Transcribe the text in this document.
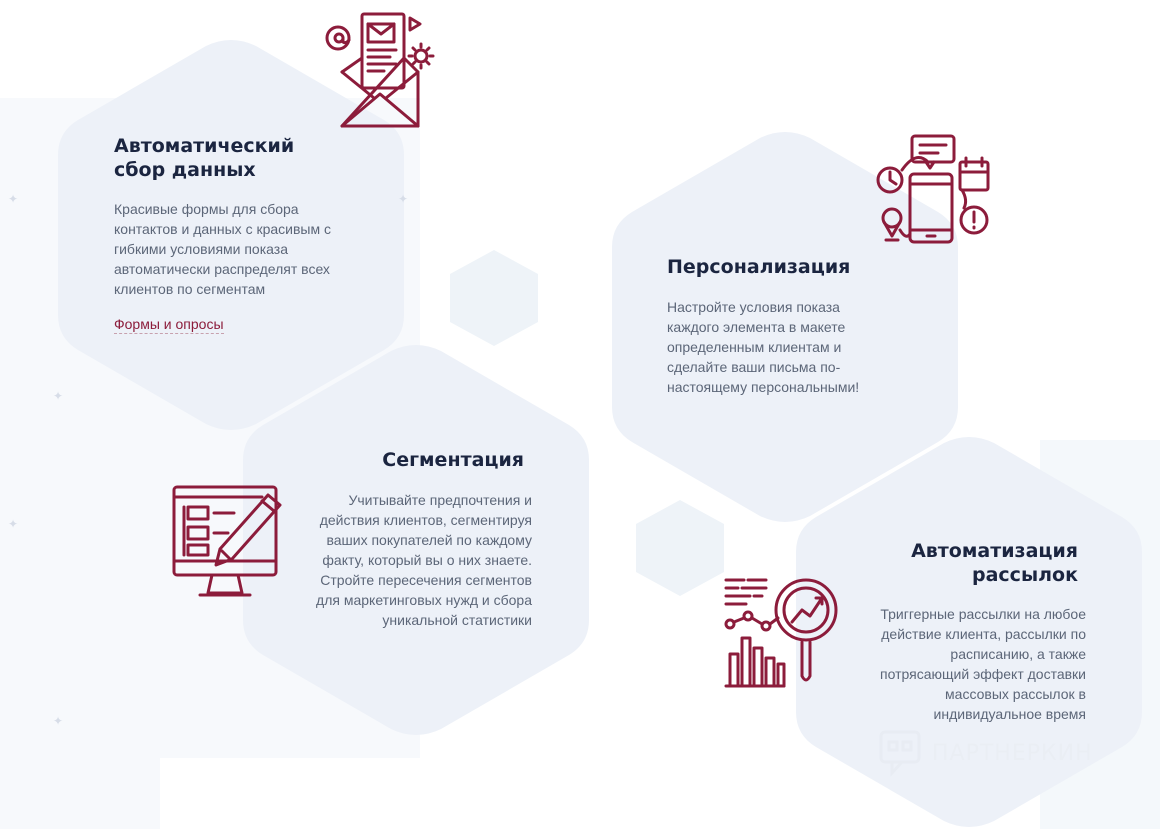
✦	✦
✦
✦
✦
Автоматический
сбор данных

Красивые формы для сбора контактов и данных с красивым с гибкими условиями показа автоматически распределят всех клиентов по сегментам

Формы и опросы
Персонализация

Настройте условия показа каждого элемента в макете определенным клиентам и сделайте ваши письма по-настоящему персональными!

Сегментация

Учитывайте предпочтения и действия клиентов, сегментируя ваших покупателей по каждому факту, который вы о них знаете. Стройте пересечения сегментов для маркетинговых нужд и сбора уникальной статистики

Автоматизация
рассылок

Триггерные рассылки на любое действие клиента, рассылки по расписанию, а также потрясающий эффект доставки массовых рассылок в индивидуальное время

ПАРТНЕРКИН
